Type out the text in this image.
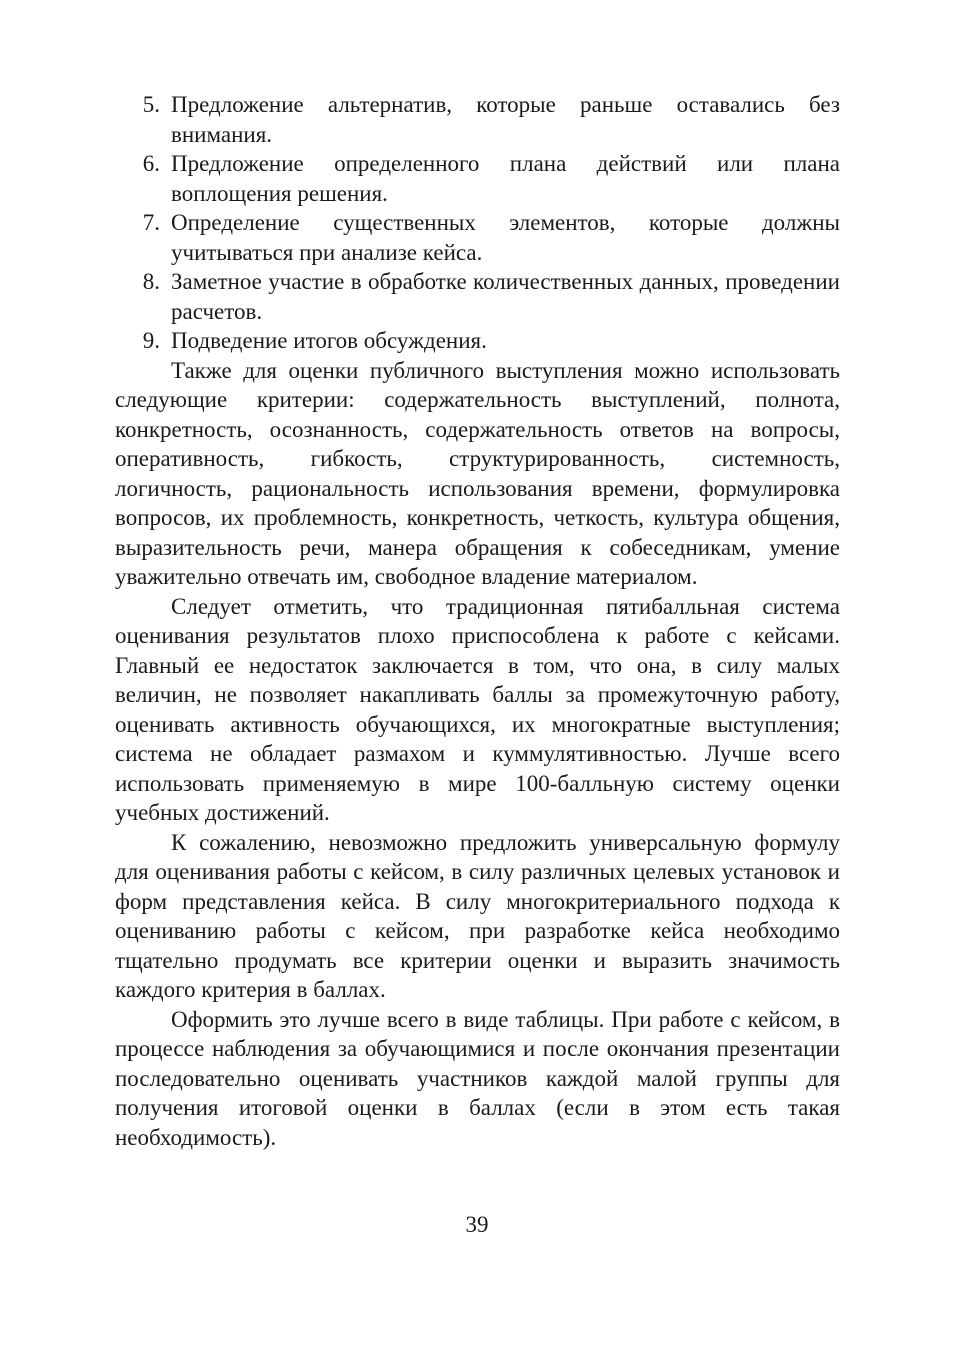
5. Предложение альтернатив, которые раньше оставались без внимания.
6. Предложение определенного плана действий или плана воплощения решения.
7. Определение существенных элементов, которые должны учитываться при анализе кейса.
8. Заметное участие в обработке количественных данных, проведении расчетов.
9. Подведение итогов обсуждения.

Также для оценки публичного выступления можно использовать следующие критерии: содержательность выступлений, полнота, конкретность, осознанность, содержательность ответов на вопросы, оперативность, гибкость, структурированность, системность, логичность, рациональность использования времени, формулировка вопросов, их проблемность, конкретность, четкость, культура общения, выразительность речи, манера обращения к собеседникам, умение уважительно отвечать им, свободное владение материалом.

Следует отметить, что традиционная пятибалльная система оценивания результатов плохо приспособлена к работе с кейсами. Главный ее недостаток заключается в том, что она, в силу малых величин, не позволяет накапливать баллы за промежуточную работу, оценивать активность обучающихся, их многократные выступления; система не обладает размахом и куммулятивностью. Лучше всего использовать применяемую в мире 100-балльную систему оценки учебных достижений.

К сожалению, невозможно предложить универсальную формулу для оценивания работы с кейсом, в силу различных целевых установок и форм представления кейса. В силу многокритериального подхода к оцениванию работы с кейсом, при разработке кейса необходимо тщательно продумать все критерии оценки и выразить значимость каждого критерия в баллах.

Оформить это лучше всего в виде таблицы. При работе с кейсом, в процессе наблюдения за обучающимися и после окончания презентации последовательно оценивать участников каждой малой группы для получения итоговой оценки в баллах (если в этом есть такая необходимость).

39
